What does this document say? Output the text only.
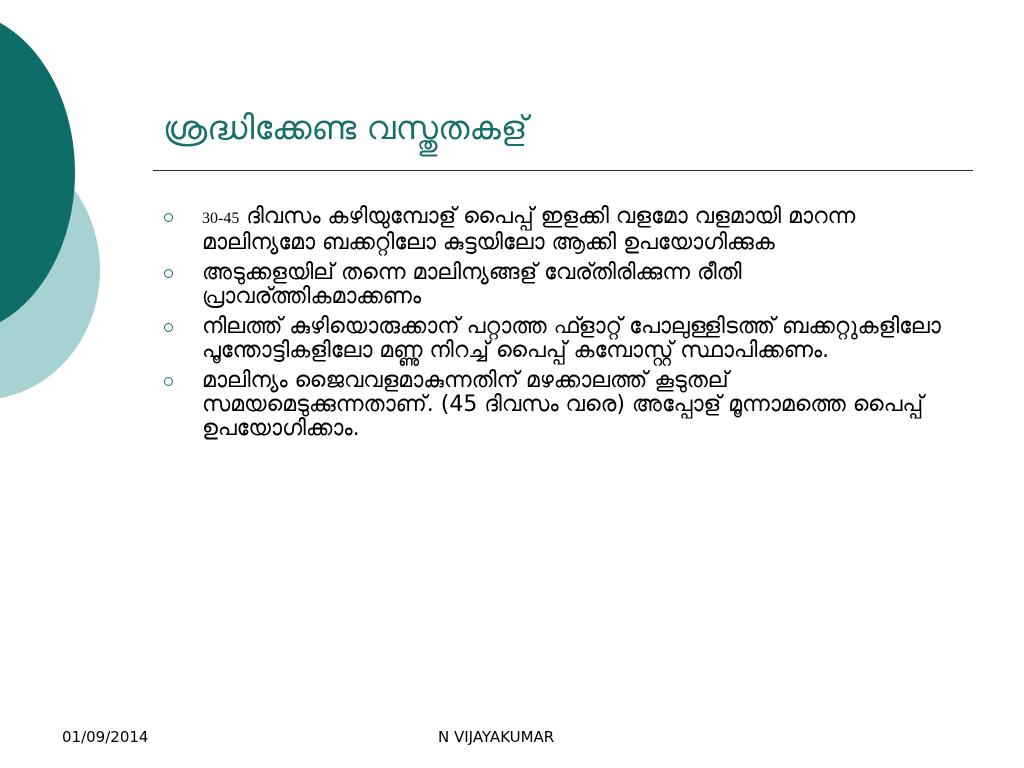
ശ്രദ്ധിക്കേണ്ട വസ്തുതകള്
30-45 ദിവസം കഴിയുമ്പോള് പൈപ്പ് ഇളക്കി വളമോ വളമായി മാറന്ന മാലിന്യമോ ബക്കറ്റിലോ കുട്ടയിലോ ആക്കി ഉപയോഗിക്കുക
അടുക്കളയില് തന്നെ മാലിന്യങ്ങള് വേര്തിരിക്കുന്ന രീതി പ്രാവര്ത്തികമാക്കണം
നിലത്ത് കുഴിയൊരുക്കാന് പറ്റാത്ത ഫ്ളാറ്റ് പോലുള്ളിടത്ത് ബക്കറ്റുകളിലോ പൂന്തോട്ടികളിലോ മണ്ണു നിറച്ച് പൈപ്പ് കമ്പോസ്റ്റ് സ്ഥാപിക്കണം.
മാലിന്യം ജൈവവളമാകുന്നതിന് മഴക്കാലത്ത് കൂടുതല് സമയമെടുക്കുന്നതാണ്. (45 ദിവസം വരെ) അപ്പോള് മൂന്നാമത്തെ പൈപ്പ് ഉപയോഗിക്കാം.
01/09/2014	N VIJAYAKUMAR
